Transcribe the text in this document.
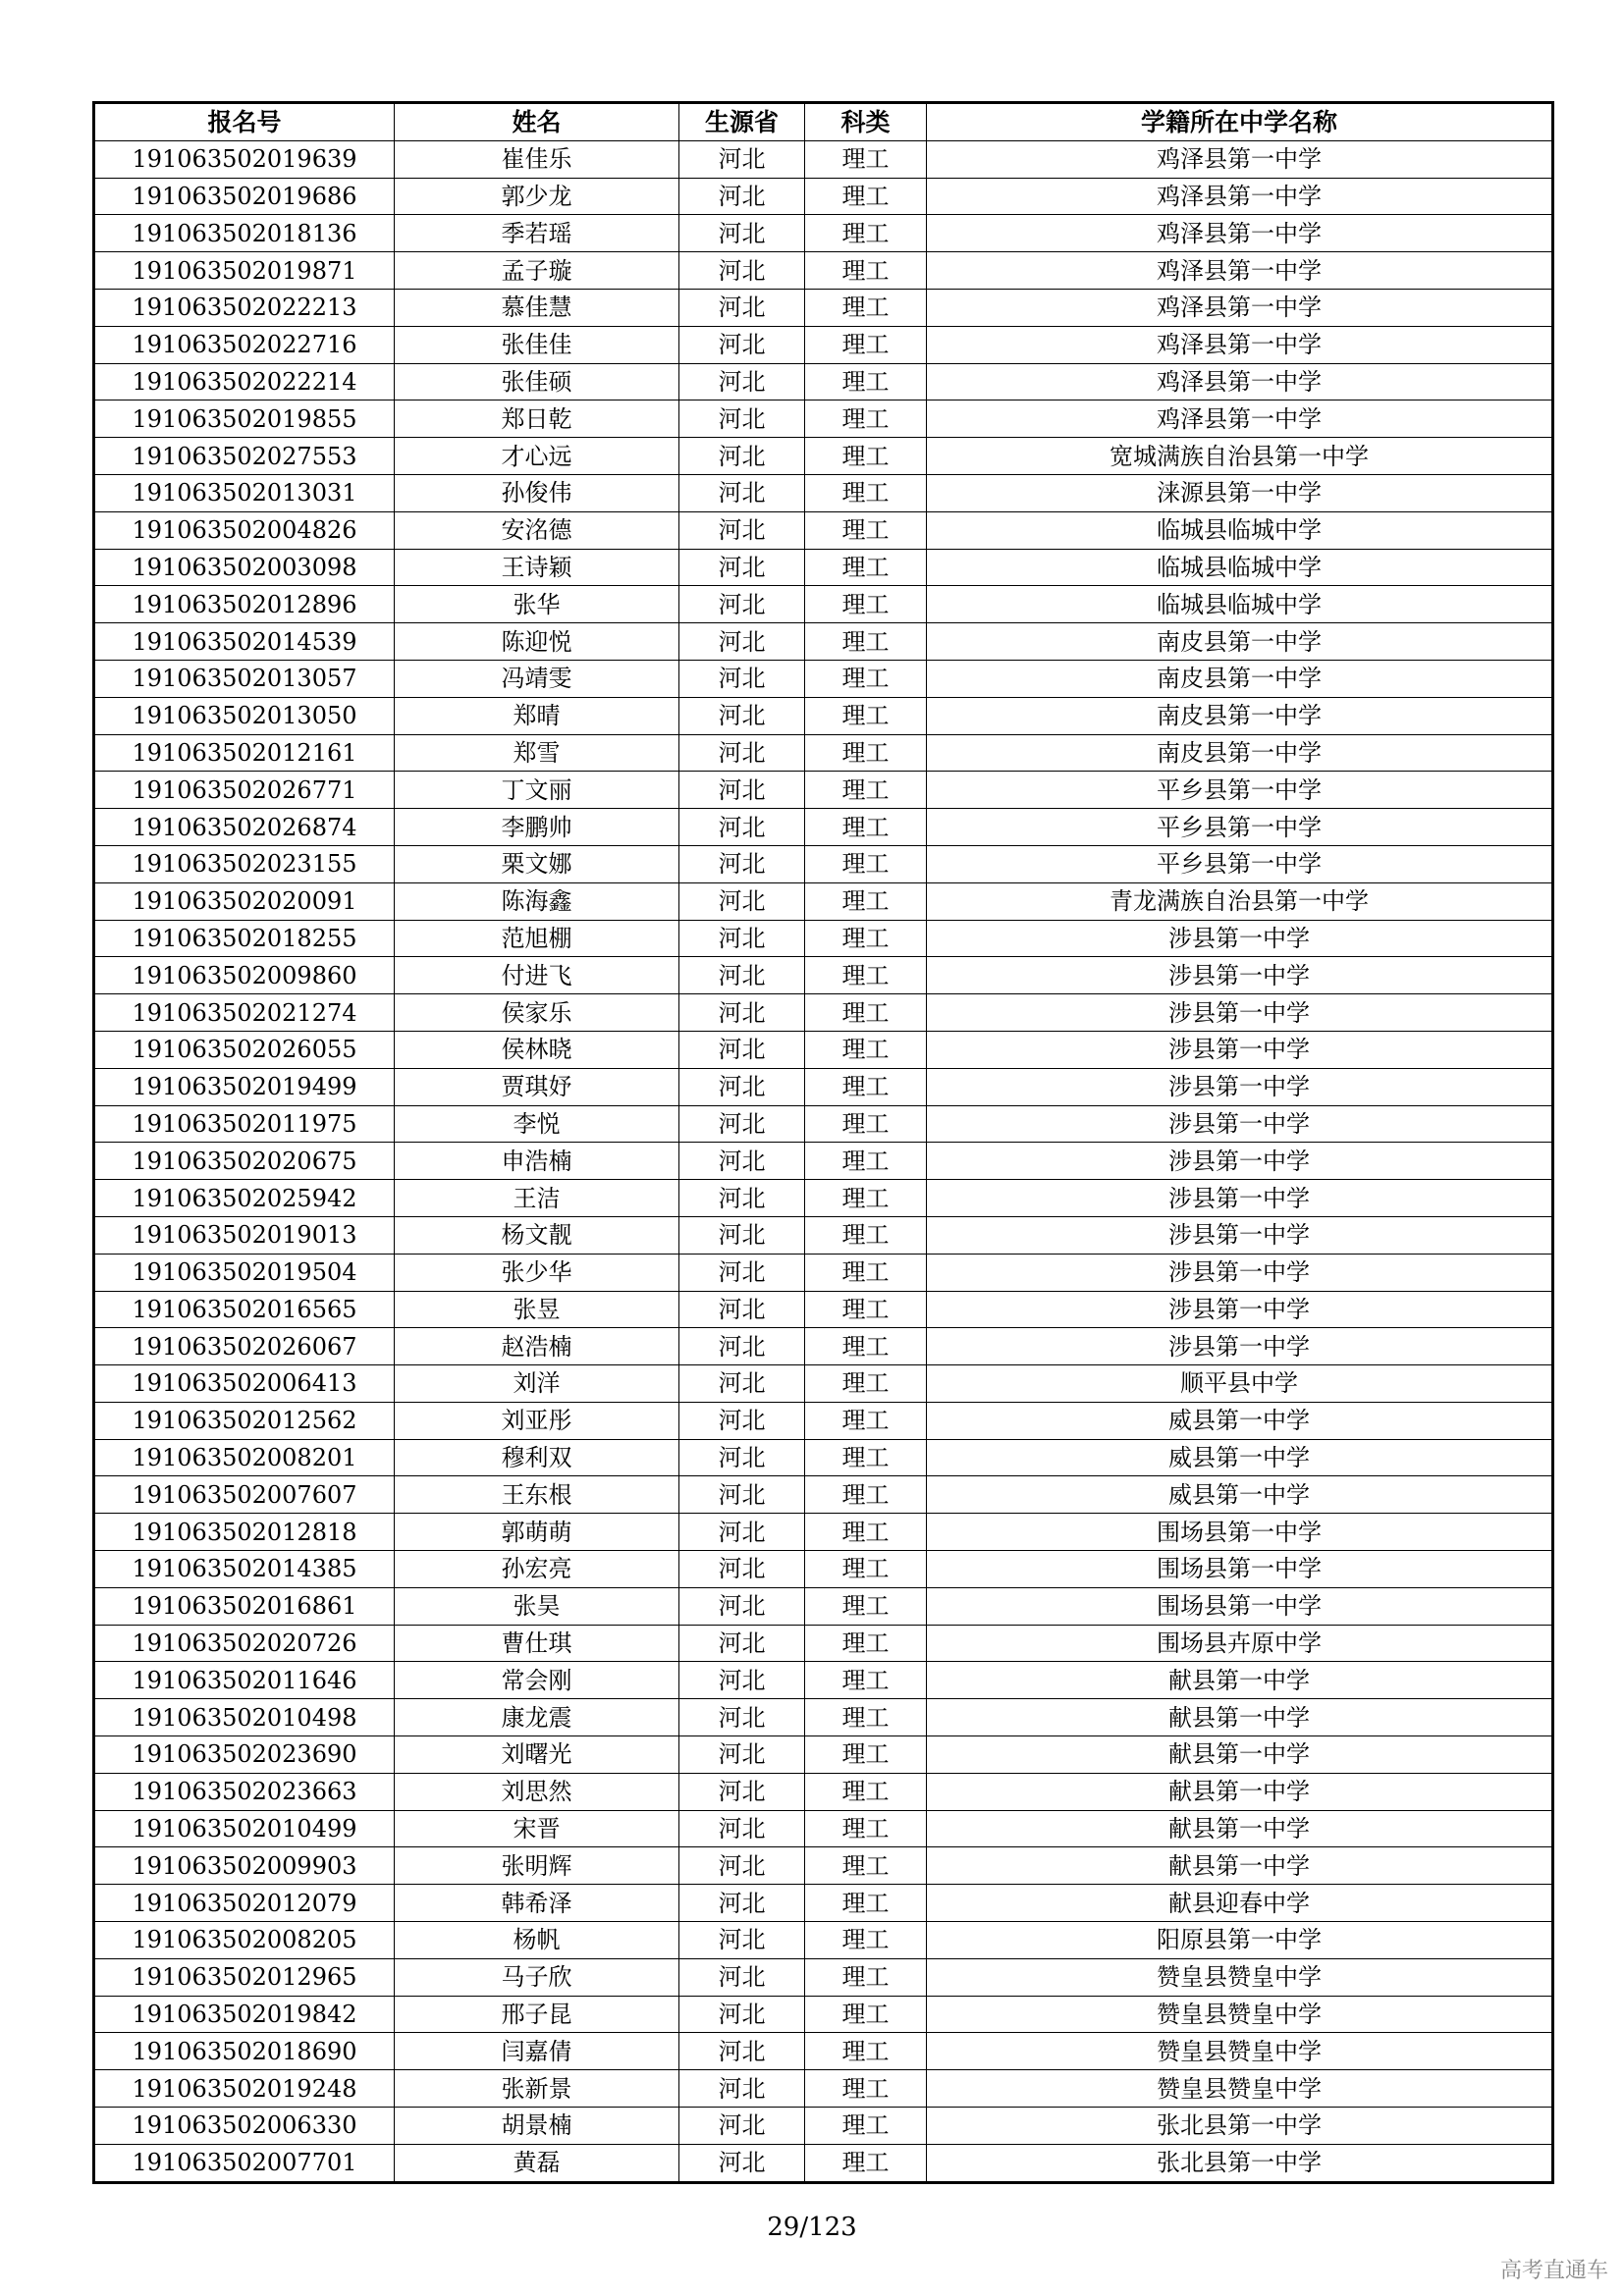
报名号	姓名	生源省	科类	学籍所在中学名称
191063502019639	崔佳乐	河北	理工	鸡泽县第一中学
191063502019686	郭少龙	河北	理工	鸡泽县第一中学
191063502018136	季若瑶	河北	理工	鸡泽县第一中学
191063502019871	孟子璇	河北	理工	鸡泽县第一中学
191063502022213	慕佳慧	河北	理工	鸡泽县第一中学
191063502022716	张佳佳	河北	理工	鸡泽县第一中学
191063502022214	张佳硕	河北	理工	鸡泽县第一中学
191063502019855	郑日乾	河北	理工	鸡泽县第一中学
191063502027553	才心远	河北	理工	宽城满族自治县第一中学
191063502013031	孙俊伟	河北	理工	涞源县第一中学
191063502004826	安洺德	河北	理工	临城县临城中学
191063502003098	王诗颖	河北	理工	临城县临城中学
191063502012896	张华	河北	理工	临城县临城中学
191063502014539	陈迎悦	河北	理工	南皮县第一中学
191063502013057	冯靖雯	河北	理工	南皮县第一中学
191063502013050	郑晴	河北	理工	南皮县第一中学
191063502012161	郑雪	河北	理工	南皮县第一中学
191063502026771	丁文丽	河北	理工	平乡县第一中学
191063502026874	李鹏帅	河北	理工	平乡县第一中学
191063502023155	栗文娜	河北	理工	平乡县第一中学
191063502020091	陈海鑫	河北	理工	青龙满族自治县第一中学
191063502018255	范旭棚	河北	理工	涉县第一中学
191063502009860	付进飞	河北	理工	涉县第一中学
191063502021274	侯家乐	河北	理工	涉县第一中学
191063502026055	侯林晓	河北	理工	涉县第一中学
191063502019499	贾琪妤	河北	理工	涉县第一中学
191063502011975	李悦	河北	理工	涉县第一中学
191063502020675	申浩楠	河北	理工	涉县第一中学
191063502025942	王洁	河北	理工	涉县第一中学
191063502019013	杨文靓	河北	理工	涉县第一中学
191063502019504	张少华	河北	理工	涉县第一中学
191063502016565	张昱	河北	理工	涉县第一中学
191063502026067	赵浩楠	河北	理工	涉县第一中学
191063502006413	刘洋	河北	理工	顺平县中学
191063502012562	刘亚彤	河北	理工	威县第一中学
191063502008201	穆利双	河北	理工	威县第一中学
191063502007607	王东根	河北	理工	威县第一中学
191063502012818	郭萌萌	河北	理工	围场县第一中学
191063502014385	孙宏亮	河北	理工	围场县第一中学
191063502016861	张昊	河北	理工	围场县第一中学
191063502020726	曹仕琪	河北	理工	围场县卉原中学
191063502011646	常会刚	河北	理工	献县第一中学
191063502010498	康龙震	河北	理工	献县第一中学
191063502023690	刘曙光	河北	理工	献县第一中学
191063502023663	刘思然	河北	理工	献县第一中学
191063502010499	宋晋	河北	理工	献县第一中学
191063502009903	张明辉	河北	理工	献县第一中学
191063502012079	韩希泽	河北	理工	献县迎春中学
191063502008205	杨帆	河北	理工	阳原县第一中学
191063502012965	马子欣	河北	理工	赞皇县赞皇中学
191063502019842	邢子昆	河北	理工	赞皇县赞皇中学
191063502018690	闫嘉倩	河北	理工	赞皇县赞皇中学
191063502019248	张新景	河北	理工	赞皇县赞皇中学
191063502006330	胡景楠	河北	理工	张北县第一中学
191063502007701	黄磊	河北	理工	张北县第一中学
29/123
高考直通车
